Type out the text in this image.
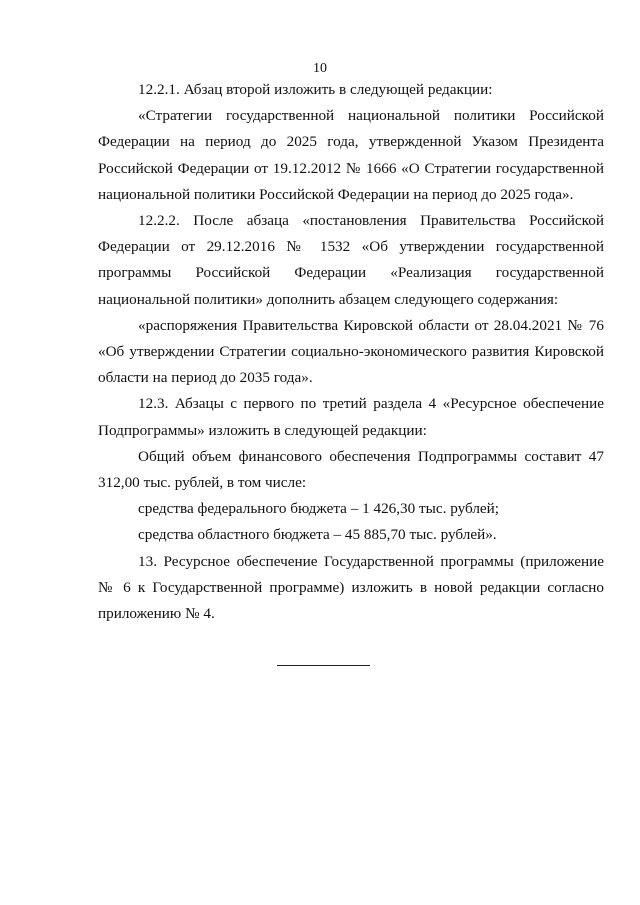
10

12.2.1. Абзац второй изложить в следующей редакции:

«Стратегии государственной национальной политики Российской Федерации на период до 2025 года, утвержденной Указом Президента Российской Федерации от 19.12.2012 № 1666 «О Стратегии государственной национальной политики Российской Федерации на период до 2025 года».

12.2.2. После абзаца «постановления Правительства Российской Федерации от 29.12.2016 № 1532 «Об утверждении государственной программы Российской Федерации «Реализация государственной национальной политики» дополнить абзацем следующего содержания:

«распоряжения Правительства Кировской области от 28.04.2021 № 76 «Об утверждении Стратегии социально-экономического развития Кировской области на период до 2035 года».

12.3. Абзацы с первого по третий раздела 4 «Ресурсное обеспечение Подпрограммы» изложить в следующей редакции:

Общий объем финансового обеспечения Подпрограммы составит 47 312,00 тыс. рублей, в том числе:

средства федерального бюджета – 1 426,30 тыс. рублей;

средства областного бюджета – 45 885,70 тыс. рублей».

13. Ресурсное обеспечение Государственной программы (приложение № 6 к Государственной программе) изложить в новой редакции согласно приложению № 4.
